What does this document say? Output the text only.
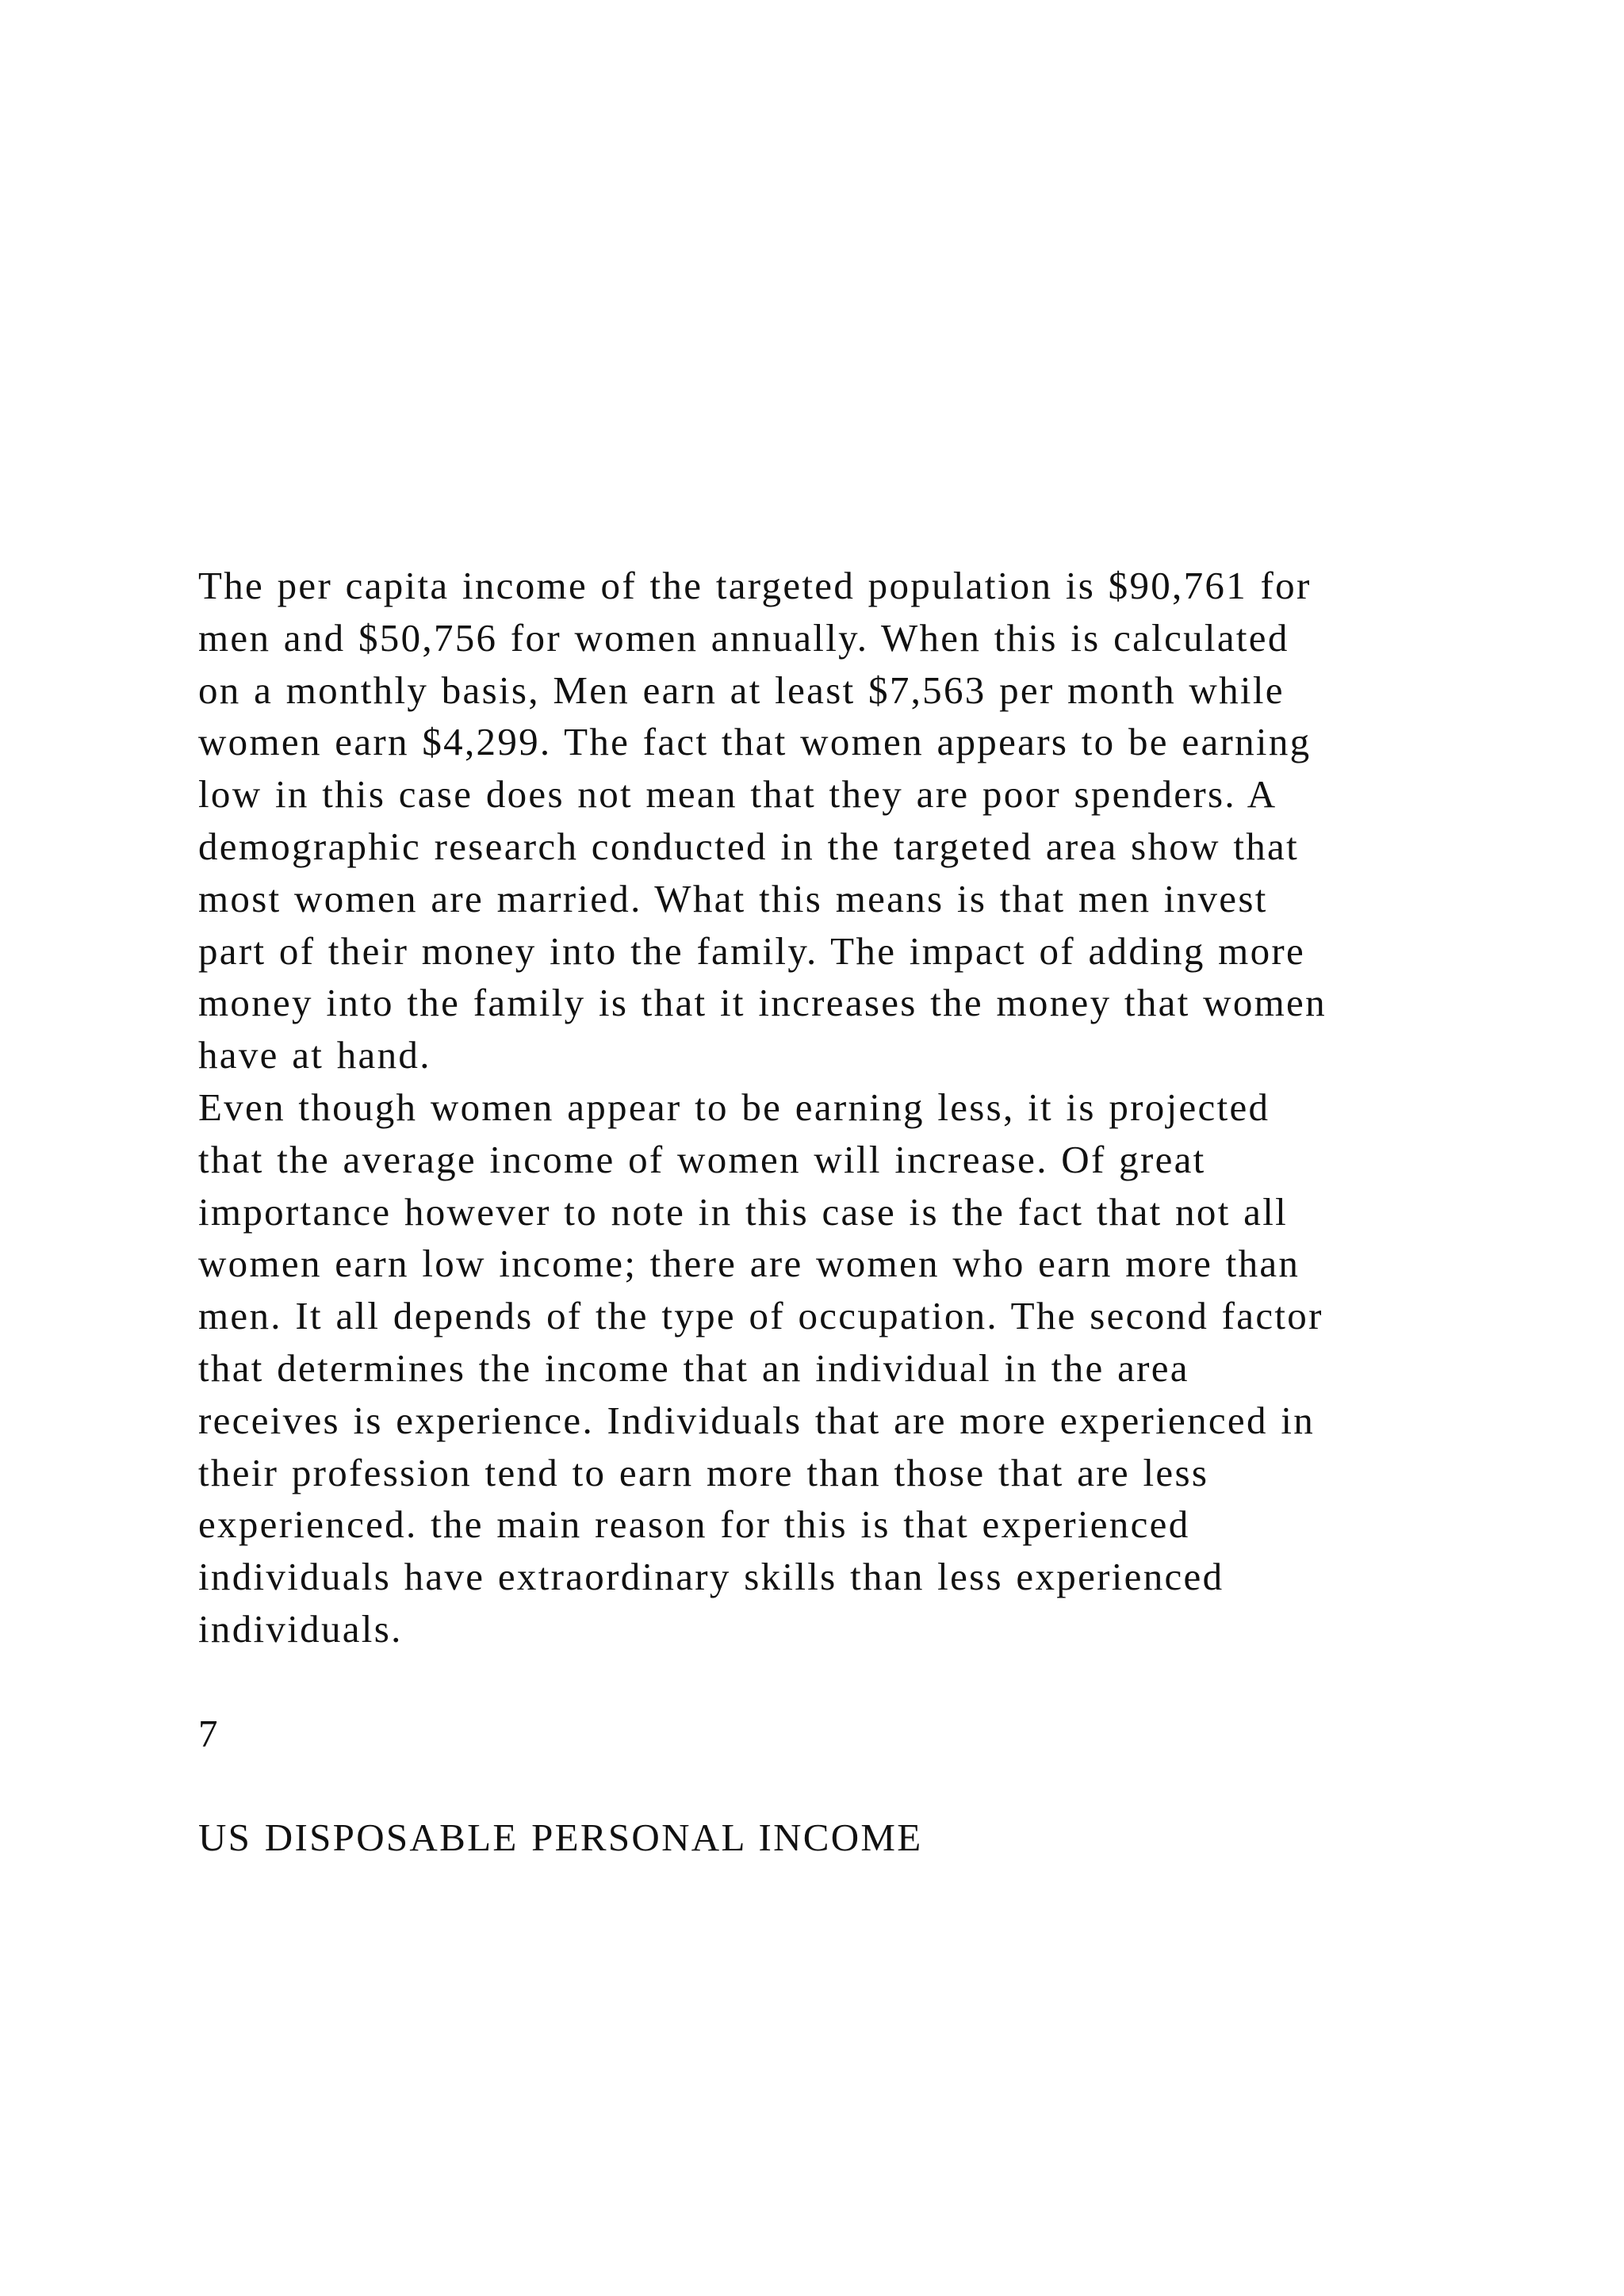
The per capita income of the targeted population is $90,761 for
men and $50,756 for women annually. When this is calculated
on a monthly basis, Men earn at least $7,563 per month while
women earn $4,299. The fact that women appears to be earning
low in this case does not mean that they are poor spenders. A
demographic research conducted in the targeted area show that
most women are married. What this means is that men invest
part of their money into the family. The impact of adding more
money into the family is that it increases the money that women
have at hand.
Even though women appear to be earning less, it is projected
that the average income of women will increase. Of great
importance however to note in this case is the fact that not all
women earn low income; there are women who earn more than
men. It all depends of the type of occupation. The second factor
that determines the income that an individual in the area
receives is experience. Individuals that are more experienced in
their profession tend to earn more than those that are less
experienced. the main reason for this is that experienced
individuals have extraordinary skills than less experienced
individuals.
7
US DISPOSABLE PERSONAL INCOME
